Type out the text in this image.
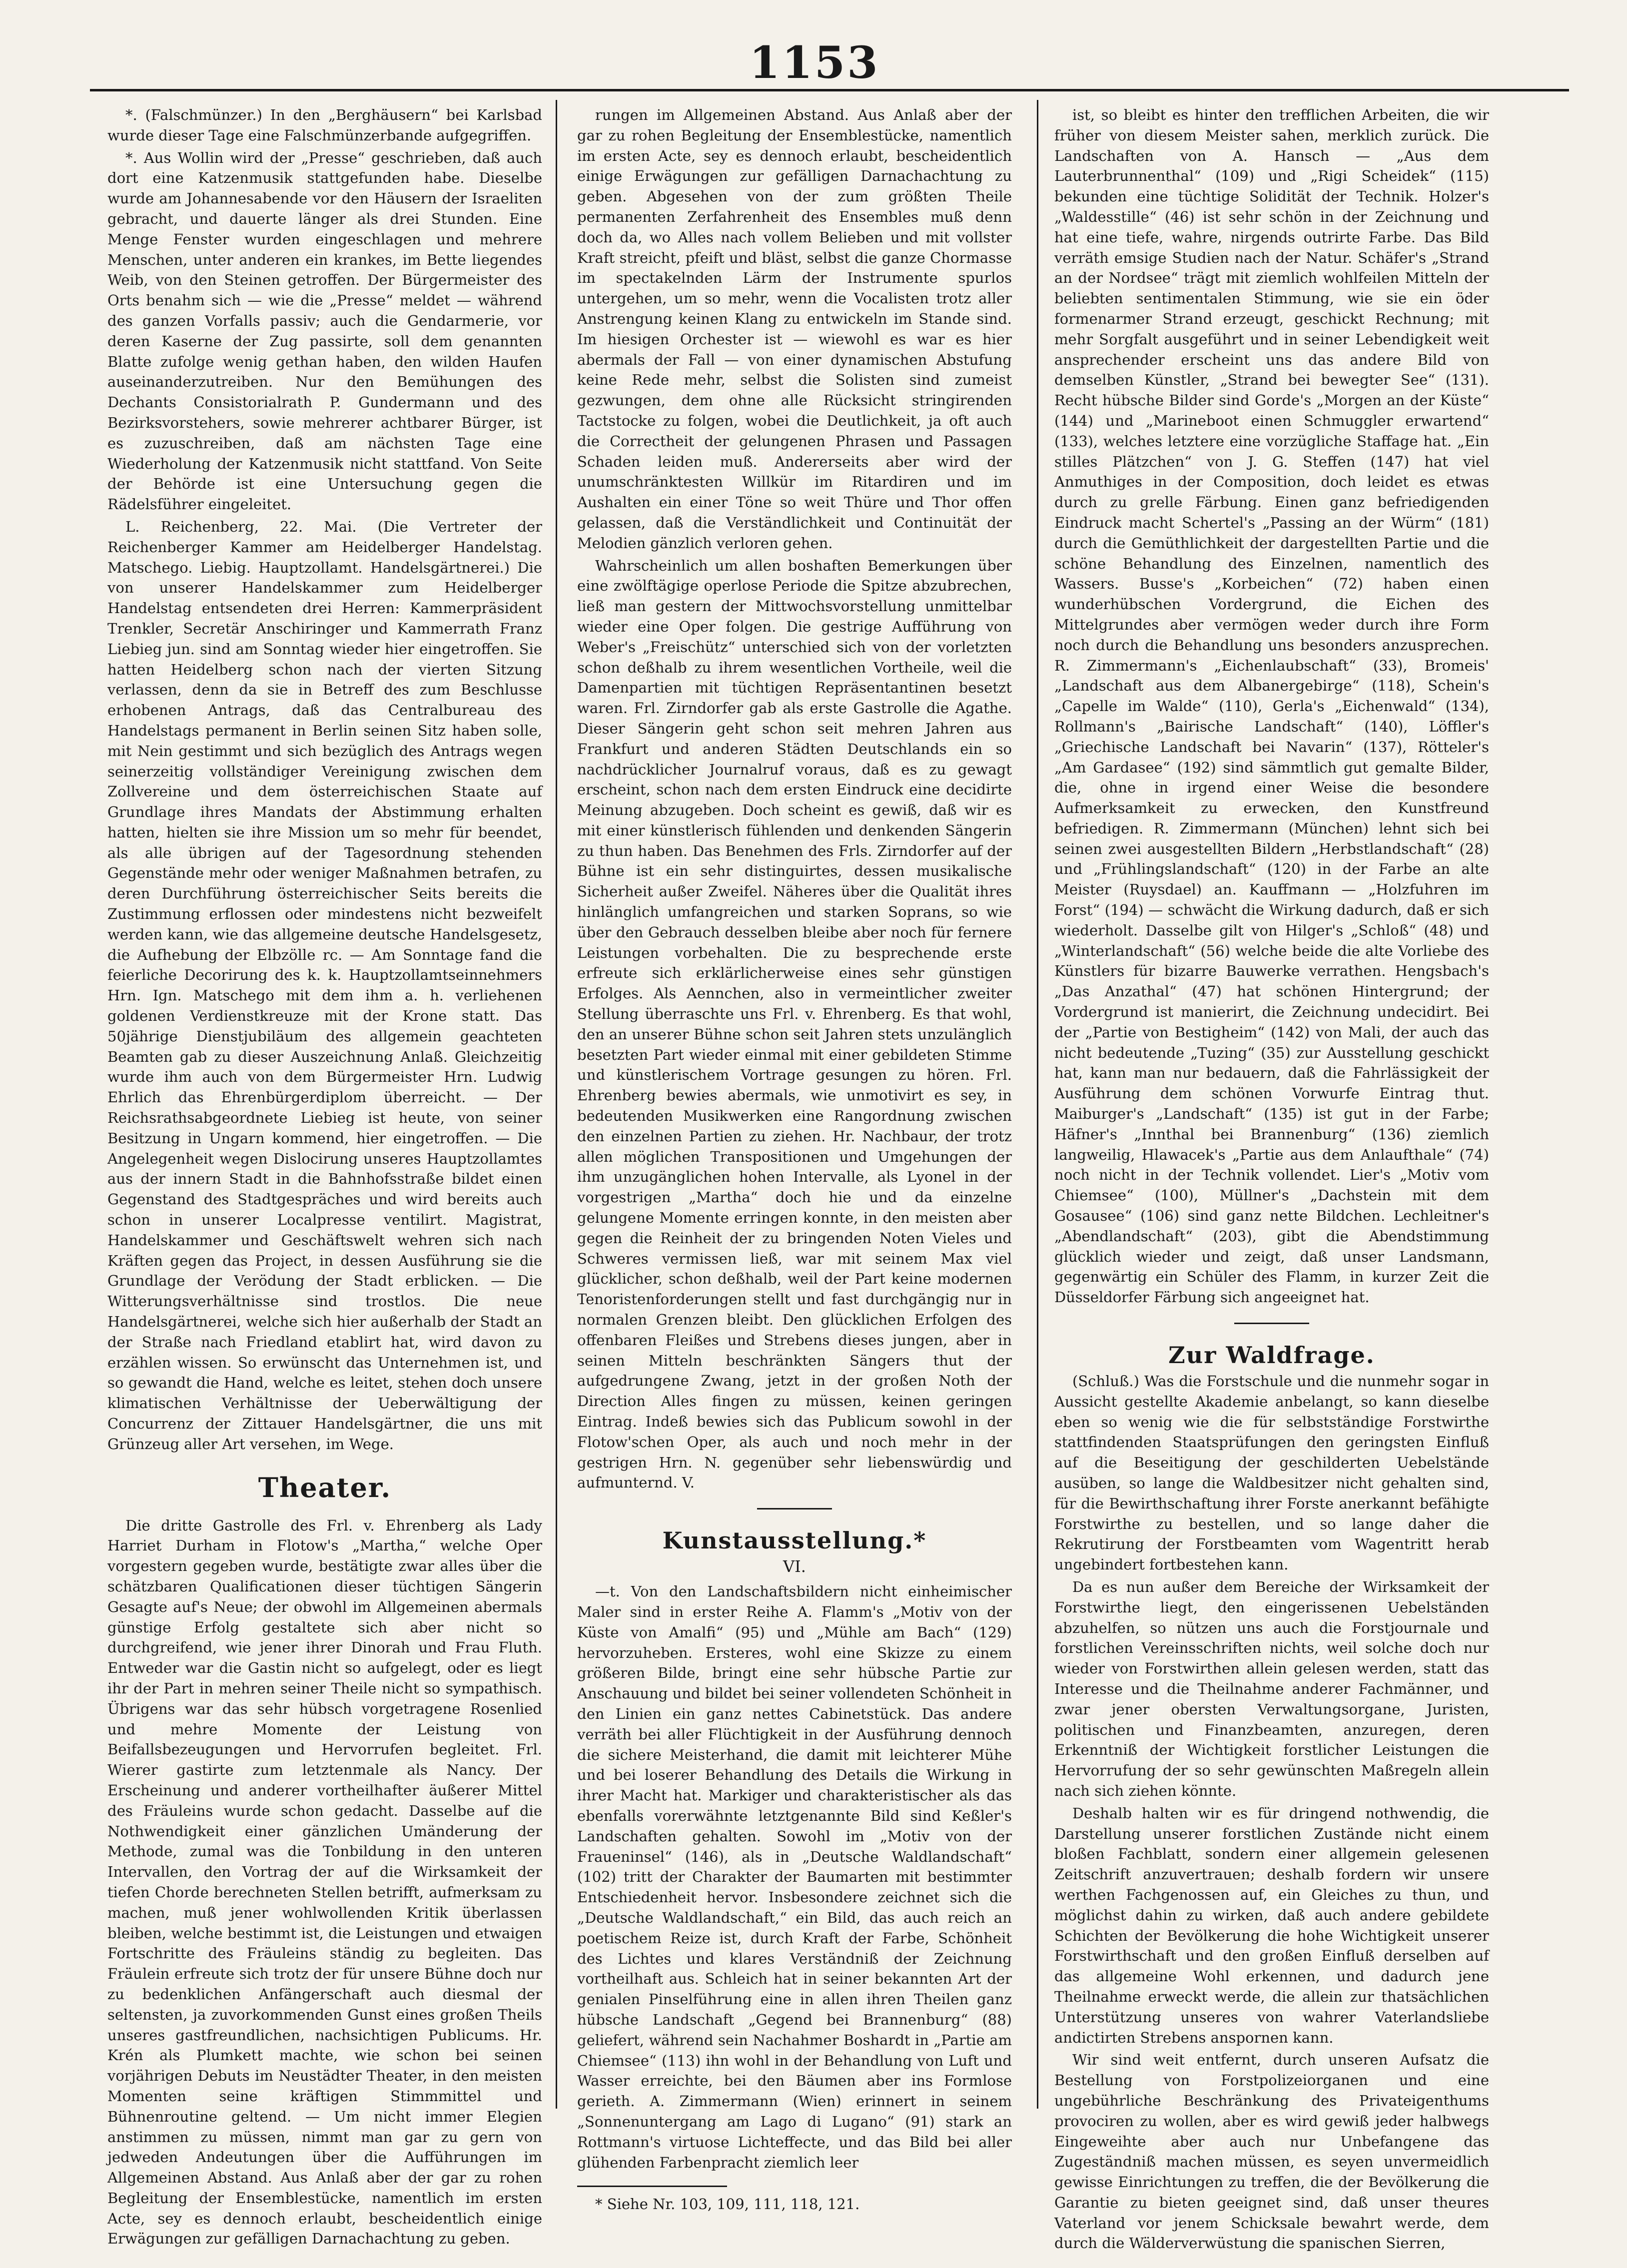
1153

*. (Falschmünzer.) In den „Berghäusern“ bei Karlsbad wurde dieser Tage eine Falschmünzerbande aufgegriffen.

*. Aus Wollin wird der „Presse“ geschrieben, daß auch dort eine Katzenmusik stattgefunden habe. Dieselbe wurde am Johannesabende vor den Häusern der Israeliten gebracht, und dauerte länger als drei Stunden. Eine Menge Fenster wurden eingeschlagen und mehrere Menschen, unter anderen ein krankes, im Bette liegendes Weib, von den Steinen getroffen. Der Bürgermeister des Orts benahm sich — wie die „Presse“ meldet — während des ganzen Vorfalls passiv; auch die Gendarmerie, vor deren Kaserne der Zug passirte, soll dem genannten Blatte zufolge wenig gethan haben, den wilden Haufen auseinanderzutreiben. Nur den Bemühungen des Dechants Consistorialrath P. Gundermann und des Bezirksvorstehers, sowie mehrerer achtbarer Bürger, ist es zuzuschreiben, daß am nächsten Tage eine Wiederholung der Katzenmusik nicht stattfand. Von Seite der Behörde ist eine Untersuchung gegen die Rädelsführer eingeleitet.

L. Reichenberg, 22. Mai. (Die Vertreter der Reichenberger Kammer am Heidelberger Handelstag. Matschego. Liebig. Hauptzollamt. Handelsgärtnerei.) Die von unserer Handelskammer zum Heidelberger Handelstag entsendeten drei Herren: Kammerpräsident Trenkler, Secretär Anschiringer und Kammerrath Franz Liebieg jun. sind am Sonntag wieder hier eingetroffen. Sie hatten Heidelberg schon nach der vierten Sitzung verlassen, denn da sie in Betreff des zum Beschlusse erhobenen Antrags, daß das Centralbureau des Handelstags permanent in Berlin seinen Sitz haben solle, mit Nein gestimmt und sich bezüglich des Antrags wegen seinerzeitig vollständiger Vereinigung zwischen dem Zollvereine und dem österreichischen Staate auf Grundlage ihres Mandats der Abstimmung erhalten hatten, hielten sie ihre Mission um so mehr für beendet, als alle übrigen auf der Tagesordnung stehenden Gegenstände mehr oder weniger Maßnahmen betrafen, zu deren Durchführung österreichischer Seits bereits die Zustimmung erflossen oder mindestens nicht bezweifelt werden kann, wie das allgemeine deutsche Handelsgesetz, die Aufhebung der Elbzölle rc. — Am Sonntage fand die feierliche Decorirung des k. k. Hauptzollamtseinnehmers Hrn. Ign. Matschego mit dem ihm a. h. verliehenen goldenen Verdienstkreuze mit der Krone statt. Das 50jährige Dienstjubiläum des allgemein geachteten Beamten gab zu dieser Auszeichnung Anlaß. Gleichzeitig wurde ihm auch von dem Bürgermeister Hrn. Ludwig Ehrlich das Ehrenbürgerdiplom überreicht. — Der Reichsrathsabgeordnete Liebieg ist heute, von seiner Besitzung in Ungarn kommend, hier eingetroffen. — Die Angelegenheit wegen Dislocirung unseres Hauptzollamtes aus der innern Stadt in die Bahnhofsstraße bildet einen Gegenstand des Stadtgespräches und wird bereits auch schon in unserer Localpresse ventilirt. Magistrat, Handelskammer und Geschäftswelt wehren sich nach Kräften gegen das Project, in dessen Ausführung sie die Grundlage der Verödung der Stadt erblicken. — Die Witterungsverhältnisse sind trostlos. Die neue Handelsgärtnerei, welche sich hier außerhalb der Stadt an der Straße nach Friedland etablirt hat, wird davon zu erzählen wissen. So erwünscht das Unternehmen ist, und so gewandt die Hand, welche es leitet, stehen doch unsere klimatischen Verhältnisse der Ueberwältigung der Concurrenz der Zittauer Handelsgärtner, die uns mit Grünzeug aller Art versehen, im Wege.

Theater.

Die dritte Gastrolle des Frl. v. Ehrenberg als Lady Harriet Durham in Flotow's „Martha,“ welche Oper vorgestern gegeben wurde, bestätigte zwar alles über die schätzbaren Qualificationen dieser tüchtigen Sängerin Gesagte auf's Neue; der obwohl im Allgemeinen abermals günstige Erfolg gestaltete sich aber nicht so durchgreifend, wie jener ihrer Dinorah und Frau Fluth. Entweder war die Gastin nicht so aufgelegt, oder es liegt ihr der Part in mehren seiner Theile nicht so sympathisch. Übrigens war das sehr hübsch vorgetragene Rosenlied und mehre Momente der Leistung von Beifallsbezeugungen und Hervorrufen begleitet. Frl. Wierer gastirte zum letztenmale als Nancy. Der Erscheinung und anderer vortheilhafter äußerer Mittel des Fräuleins wurde schon gedacht. Dasselbe auf die Nothwendigkeit einer gänzlichen Umänderung der Methode, zumal was die Tonbildung in den unteren Intervallen, den Vortrag der auf die Wirksamkeit der tiefen Chorde berechneten Stellen betrifft, aufmerksam zu machen, muß jener wohlwollenden Kritik überlassen bleiben, welche bestimmt ist, die Leistungen und etwaigen Fortschritte des Fräuleins ständig zu begleiten. Das Fräulein erfreute sich trotz der für unsere Bühne doch nur zu bedenklichen Anfängerschaft auch diesmal der seltensten, ja zuvorkommenden Gunst eines großen Theils unseres gastfreundlichen, nachsichtigen Publicums. Hr. Krén als Plumkett machte, wie schon bei seinen vorjährigen Debuts im Neustädter Theater, in den meisten Momenten seine kräftigen Stimmmittel und Bühnenroutine geltend. — Um nicht immer Elegien anstimmen zu müssen, nimmt man gar zu gern von jedweden Andeutungen über die Aufführungen im Allgemeinen Abstand. Aus Anlaß aber der gar zu rohen Begleitung der Ensemblestücke, namentlich im ersten Acte, sey es dennoch erlaubt, bescheidentlich einige Erwägungen zur gefälligen Darnachachtung zu geben.

rungen im Allgemeinen Abstand. Aus Anlaß aber der gar zu rohen Begleitung der Ensemblestücke, namentlich im ersten Acte, sey es dennoch erlaubt, bescheidentlich einige Erwägungen zur gefälligen Darnachachtung zu geben. Abgesehen von der zum größten Theile permanenten Zerfahrenheit des Ensembles muß denn doch da, wo Alles nach vollem Belieben und mit vollster Kraft streicht, pfeift und bläst, selbst die ganze Chormasse im spectakelnden Lärm der Instrumente spurlos untergehen, um so mehr, wenn die Vocalisten trotz aller Anstrengung keinen Klang zu entwickeln im Stande sind. Im hiesigen Orchester ist — wiewohl es war es hier abermals der Fall — von einer dynamischen Abstufung keine Rede mehr, selbst die Solisten sind zumeist gezwungen, dem ohne alle Rücksicht stringirenden Tactstocke zu folgen, wobei die Deutlichkeit, ja oft auch die Correctheit der gelungenen Phrasen und Passagen Schaden leiden muß. Andererseits aber wird der unumschränktesten Willkür im Ritardiren und im Aushalten ein einer Töne so weit Thüre und Thor offen gelassen, daß die Verständlichkeit und Continuität der Melodien gänzlich verloren gehen.

Wahrscheinlich um allen boshaften Bemerkungen über eine zwölftägige operlose Periode die Spitze abzubrechen, ließ man gestern der Mittwochsvorstellung unmittelbar wieder eine Oper folgen. Die gestrige Aufführung von Weber's „Freischütz“ unterschied sich von der vorletzten schon deßhalb zu ihrem wesentlichen Vortheile, weil die Damenpartien mit tüchtigen Repräsentantinen besetzt waren. Frl. Zirndorfer gab als erste Gastrolle die Agathe. Dieser Sängerin geht schon seit mehren Jahren aus Frankfurt und anderen Städten Deutschlands ein so nachdrücklicher Journalruf voraus, daß es zu gewagt erscheint, schon nach dem ersten Eindruck eine decidirte Meinung abzugeben. Doch scheint es gewiß, daß wir es mit einer künstlerisch fühlenden und denkenden Sängerin zu thun haben. Das Benehmen des Frls. Zirndorfer auf der Bühne ist ein sehr distinguirtes, dessen musikalische Sicherheit außer Zweifel. Näheres über die Qualität ihres hinlänglich umfangreichen und starken Soprans, so wie über den Gebrauch desselben bleibe aber noch für fernere Leistungen vorbehalten. Die zu besprechende erste erfreute sich erklärlicherweise eines sehr günstigen Erfolges. Als Aennchen, also in vermeintlicher zweiter Stellung überraschte uns Frl. v. Ehrenberg. Es that wohl, den an unserer Bühne schon seit Jahren stets unzulänglich besetzten Part wieder einmal mit einer gebildeten Stimme und künstlerischem Vortrage gesungen zu hören. Frl. Ehrenberg bewies abermals, wie unmotivirt es sey, in bedeutenden Musikwerken eine Rangordnung zwischen den einzelnen Partien zu ziehen. Hr. Nachbaur, der trotz allen möglichen Transpositionen und Umgehungen der ihm unzugänglichen hohen Intervalle, als Lyonel in der vorgestrigen „Martha“ doch hie und da einzelne gelungene Momente erringen konnte, in den meisten aber gegen die Reinheit der zu bringenden Noten Vieles und Schweres vermissen ließ, war mit seinem Max viel glücklicher, schon deßhalb, weil der Part keine modernen Tenoristenforderungen stellt und fast durchgängig nur in normalen Grenzen bleibt. Den glücklichen Erfolgen des offenbaren Fleißes und Strebens dieses jungen, aber in seinen Mitteln beschränkten Sängers thut der aufgedrungene Zwang, jetzt in der großen Noth der Direction Alles fingen zu müssen, keinen geringen Eintrag. Indeß bewies sich das Publicum sowohl in der Flotow'schen Oper, als auch und noch mehr in der gestrigen Hrn. N. gegenüber sehr liebenswürdig und aufmunternd. V.

Kunstausstellung.*
VI.

—t. Von den Landschaftsbildern nicht einheimischer Maler sind in erster Reihe A. Flamm's „Motiv von der Küste von Amalfi“ (95) und „Mühle am Bach“ (129) hervorzuheben. Ersteres, wohl eine Skizze zu einem größeren Bilde, bringt eine sehr hübsche Partie zur Anschauung und bildet bei seiner vollendeten Schönheit in den Linien ein ganz nettes Cabinetstück. Das andere verräth bei aller Flüchtigkeit in der Ausführung dennoch die sichere Meisterhand, die damit mit leichterer Mühe und bei loserer Behandlung des Details die Wirkung in ihrer Macht hat. Markiger und charakteristischer als das ebenfalls vorerwähnte letztgenannte Bild sind Keßler's Landschaften gehalten. Sowohl im „Motiv von der Fraueninsel“ (146), als in „Deutsche Waldlandschaft“ (102) tritt der Charakter der Baumarten mit bestimmter Entschiedenheit hervor. Insbesondere zeichnet sich die „Deutsche Waldlandschaft,“ ein Bild, das auch reich an poetischem Reize ist, durch Kraft der Farbe, Schönheit des Lichtes und klares Verständniß der Zeichnung vortheilhaft aus. Schleich hat in seiner bekannten Art der genialen Pinselführung eine in allen ihren Theilen ganz hübsche Landschaft „Gegend bei Brannenburg“ (88) geliefert, während sein Nachahmer Boshardt in „Partie am Chiemsee“ (113) ihn wohl in der Behandlung von Luft und Wasser erreichte, bei den Bäumen aber ins Formlose gerieth. A. Zimmermann (Wien) erinnert in seinem „Sonnenuntergang am Lago di Lugano“ (91) stark an Rottmann's virtuose Lichteffecte, und das Bild bei aller glühenden Farbenpracht ziemlich leer

* Siehe Nr. 103, 109, 111, 118, 121.

ist, so bleibt es hinter den trefflichen Arbeiten, die wir früher von diesem Meister sahen, merklich zurück. Die Landschaften von A. Hansch — „Aus dem Lauterbrunnenthal“ (109) und „Rigi Scheidek“ (115) bekunden eine tüchtige Solidität der Technik. Holzer's „Waldesstille“ (46) ist sehr schön in der Zeichnung und hat eine tiefe, wahre, nirgends outrirte Farbe. Das Bild verräth emsige Studien nach der Natur. Schäfer's „Strand an der Nordsee“ trägt mit ziemlich wohlfeilen Mitteln der beliebten sentimentalen Stimmung, wie sie ein öder formenarmer Strand erzeugt, geschickt Rechnung; mit mehr Sorgfalt ausgeführt und in seiner Lebendigkeit weit ansprechender erscheint uns das andere Bild von demselben Künstler, „Strand bei bewegter See“ (131). Recht hübsche Bilder sind Gorde's „Morgen an der Küste“ (144) und „Marineboot einen Schmuggler erwartend“ (133), welches letztere eine vorzügliche Staffage hat. „Ein stilles Plätzchen“ von J. G. Steffen (147) hat viel Anmuthiges in der Composition, doch leidet es etwas durch zu grelle Färbung. Einen ganz befriedigenden Eindruck macht Schertel's „Passing an der Würm“ (181) durch die Gemüthlichkeit der dargestellten Partie und die schöne Behandlung des Einzelnen, namentlich des Wassers. Busse's „Korbeichen“ (72) haben einen wunderhübschen Vordergrund, die Eichen des Mittelgrundes aber vermögen weder durch ihre Form noch durch die Behandlung uns besonders anzusprechen. R. Zimmermann's „Eichenlaubschaft“ (33), Bromeis' „Landschaft aus dem Albanergebirge“ (118), Schein's „Capelle im Walde“ (110), Gerla's „Eichenwald“ (134), Rollmann's „Bairische Landschaft“ (140), Löffler's „Griechische Landschaft bei Navarin“ (137), Rötteler's „Am Gardasee“ (192) sind sämmtlich gut gemalte Bilder, die, ohne in irgend einer Weise die besondere Aufmerksamkeit zu erwecken, den Kunstfreund befriedigen. R. Zimmermann (München) lehnt sich bei seinen zwei ausgestellten Bildern „Herbstlandschaft“ (28) und „Frühlingslandschaft“ (120) in der Farbe an alte Meister (Ruysdael) an. Kauffmann — „Holzfuhren im Forst“ (194) — schwächt die Wirkung dadurch, daß er sich wiederholt. Dasselbe gilt von Hilger's „Schloß“ (48) und „Winterlandschaft“ (56) welche beide die alte Vorliebe des Künstlers für bizarre Bauwerke verrathen. Hengsbach's „Das Anzathal“ (47) hat schönen Hintergrund; der Vordergrund ist manierirt, die Zeichnung undecidirt. Bei der „Partie von Bestigheim“ (142) von Mali, der auch das nicht bedeutende „Tuzing“ (35) zur Ausstellung geschickt hat, kann man nur bedauern, daß die Fahrlässigkeit der Ausführung dem schönen Vorwurfe Eintrag thut. Maiburger's „Landschaft“ (135) ist gut in der Farbe; Häfner's „Innthal bei Brannenburg“ (136) ziemlich langweilig, Hlawacek's „Partie aus dem Anlaufthale“ (74) noch nicht in der Technik vollendet. Lier's „Motiv vom Chiemsee“ (100), Müllner's „Dachstein mit dem Gosausee“ (106) sind ganz nette Bildchen. Lechleitner's „Abendlandschaft“ (203), gibt die Abendstimmung glücklich wieder und zeigt, daß unser Landsmann, gegenwärtig ein Schüler des Flamm, in kurzer Zeit die Düsseldorfer Färbung sich angeeignet hat.

Zur Waldfrage.

(Schluß.) Was die Forstschule und die nunmehr sogar in Aussicht gestellte Akademie anbelangt, so kann dieselbe eben so wenig wie die für selbstständige Forstwirthe stattfindenden Staatsprüfungen den geringsten Einfluß auf die Beseitigung der geschilderten Uebelstände ausüben, so lange die Waldbesitzer nicht gehalten sind, für die Bewirthschaftung ihrer Forste anerkannt befähigte Forstwirthe zu bestellen, und so lange daher die Rekrutirung der Forstbeamten vom Wagentritt herab ungebindert fortbestehen kann.

Da es nun außer dem Bereiche der Wirksamkeit der Forstwirthe liegt, den eingerissenen Uebelständen abzuhelfen, so nützen uns auch die Forstjournale und forstlichen Vereinsschriften nichts, weil solche doch nur wieder von Forstwirthen allein gelesen werden, statt das Interesse und die Theilnahme anderer Fachmänner, und zwar jener obersten Verwaltungsorgane, Juristen, politischen und Finanzbeamten, anzuregen, deren Erkenntniß der Wichtigkeit forstlicher Leistungen die Hervorrufung der so sehr gewünschten Maßregeln allein nach sich ziehen könnte.

Deshalb halten wir es für dringend nothwendig, die Darstellung unserer forstlichen Zustände nicht einem bloßen Fachblatt, sondern einer allgemein gelesenen Zeitschrift anzuvertrauen; deshalb fordern wir unsere werthen Fachgenossen auf, ein Gleiches zu thun, und möglichst dahin zu wirken, daß auch andere gebildete Schichten der Bevölkerung die hohe Wichtigkeit unserer Forstwirthschaft und den großen Einfluß derselben auf das allgemeine Wohl erkennen, und dadurch jene Theilnahme erweckt werde, die allein zur thatsächlichen Unterstützung unseres von wahrer Vaterlandsliebe andictirten Strebens anspornen kann.

Wir sind weit entfernt, durch unseren Aufsatz die Bestellung von Forstpolizeiorganen und eine ungebührliche Beschränkung des Privateigenthums provociren zu wollen, aber es wird gewiß jeder halbwegs Eingeweihte aber auch nur Unbefangene das Zugeständniß machen müssen, es seyen unvermeidlich gewisse Einrichtungen zu treffen, die der Bevölkerung die Garantie zu bieten geeignet sind, daß unser theures Vaterland vor jenem Schicksale bewahrt werde, dem durch die Wälderverwüstung die spanischen Sierren,
